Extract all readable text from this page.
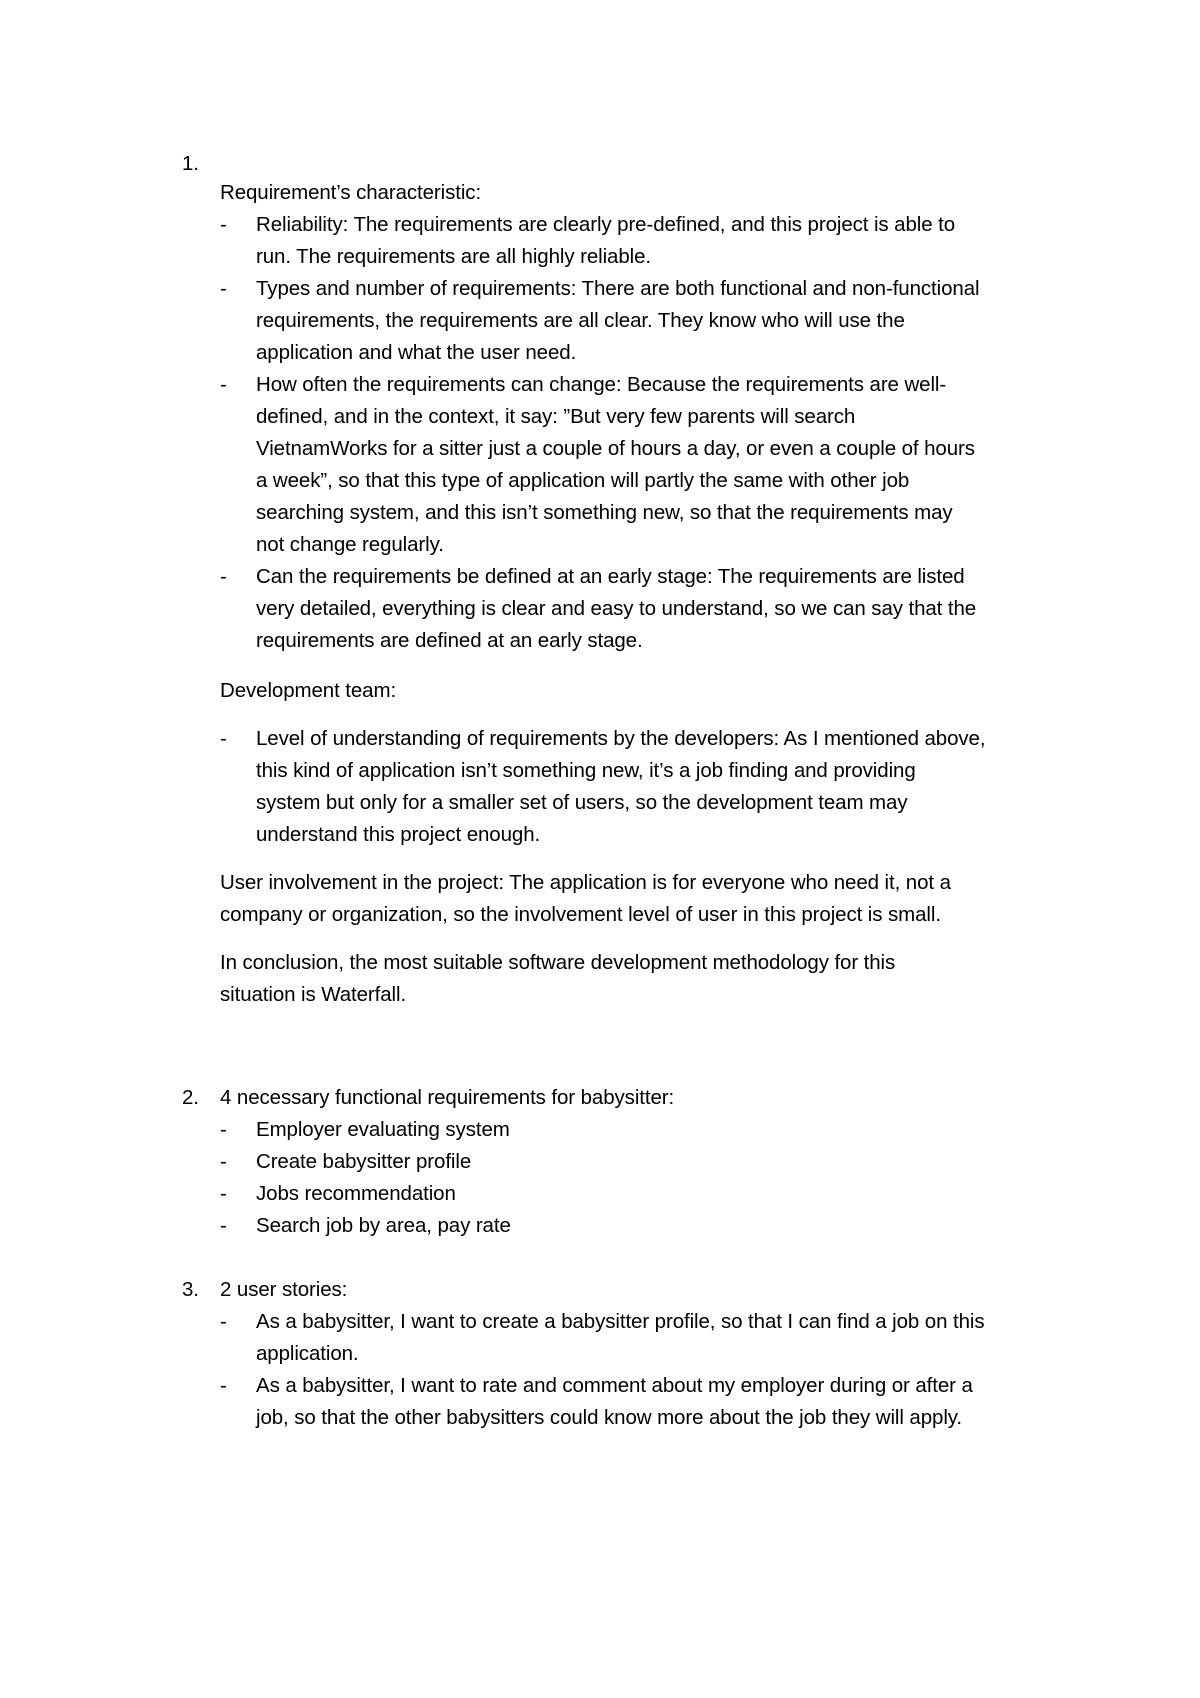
1.
Requirement’s characteristic:
- Reliability: The requirements are clearly pre-defined, and this project is able to
run. The requirements are all highly reliable.
- Types and number of requirements: There are both functional and non-functional
requirements, the requirements are all clear. They know who will use the
application and what the user need.
- How often the requirements can change: Because the requirements are well-
defined, and in the context, it say: ”But very few parents will search
VietnamWorks for a sitter just a couple of hours a day, or even a couple of hours
a week”, so that this type of application will partly the same with other job
searching system, and this isn’t something new, so that the requirements may
not change regularly.
- Can the requirements be defined at an early stage: The requirements are listed
very detailed, everything is clear and easy to understand, so we can say that the
requirements are defined at an early stage.
Development team:
- Level of understanding of requirements by the developers: As I mentioned above,
this kind of application isn’t something new, it’s a job finding and providing
system but only for a smaller set of users, so the development team may
understand this project enough.
User involvement in the project: The application is for everyone who need it, not a
company or organization, so the involvement level of user in this project is small.
In conclusion, the most suitable software development methodology for this
situation is Waterfall.
2. 4 necessary functional requirements for babysitter:
- Employer evaluating system
- Create babysitter profile
- Jobs recommendation
- Search job by area, pay rate
3. 2 user stories:
- As a babysitter, I want to create a babysitter profile, so that I can find a job on this
application.
- As a babysitter, I want to rate and comment about my employer during or after a
job, so that the other babysitters could know more about the job they will apply.
